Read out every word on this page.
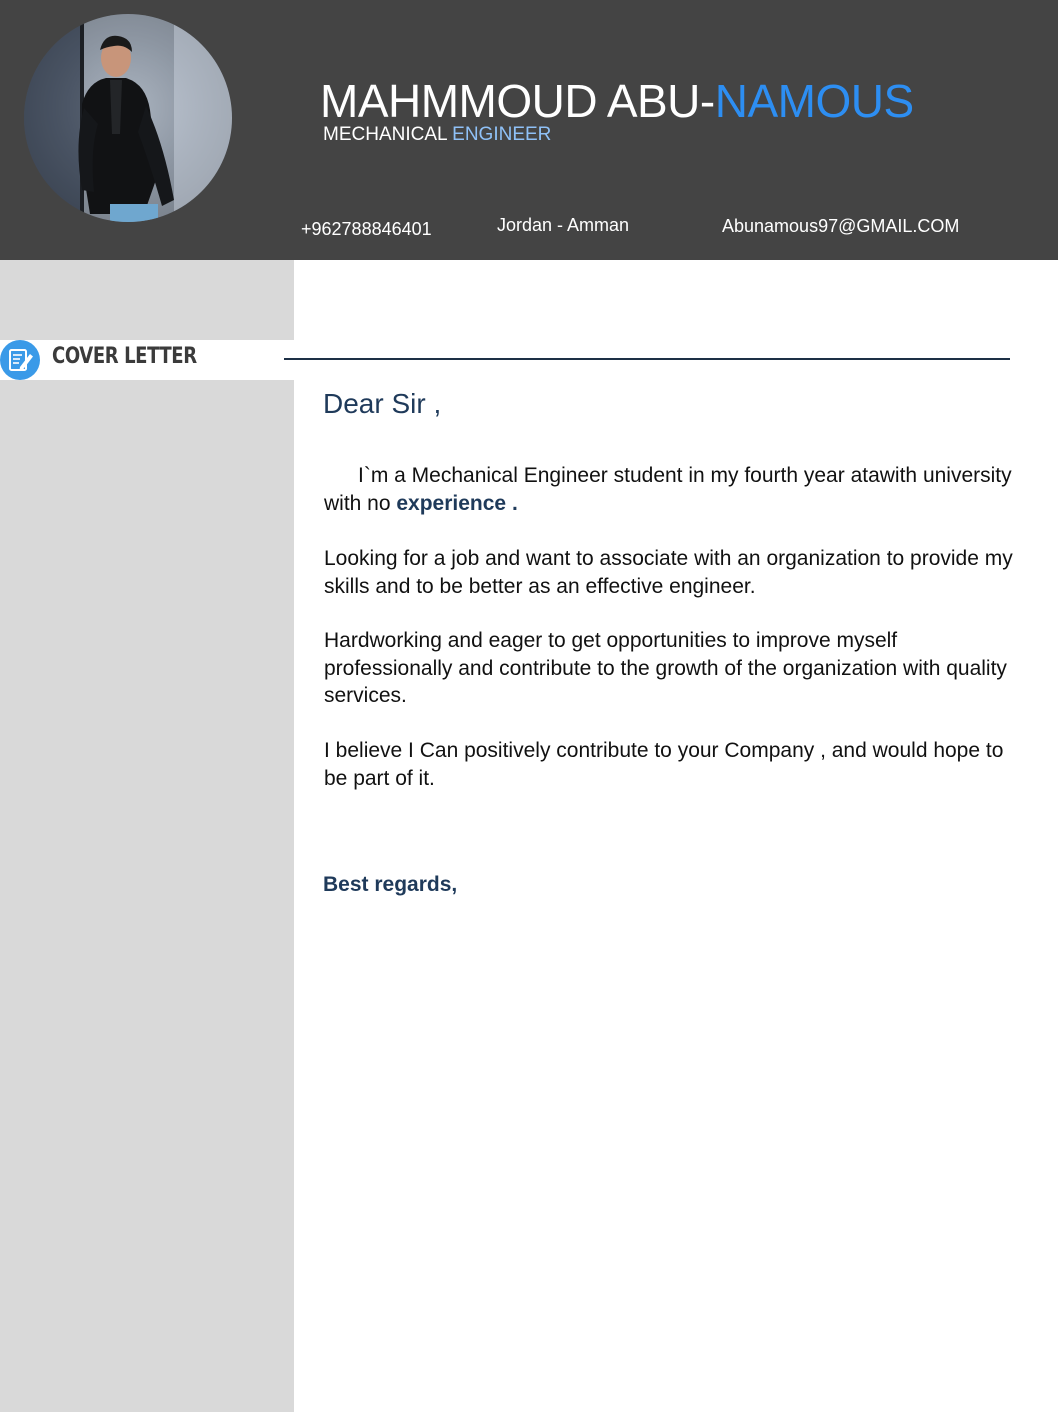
MAHMMOUD ABU-NAMOUS
MECHANICAL ENGINEER
+962788846401	Jordan - Amman	Abunamous97@GMAIL.COM
COVER LETTER
Dear Sir ,
I`m a Mechanical Engineer student in my fourth year atawith university with no experience .
Looking for a job and want to associate with an organization to provide my skills and to be better as an effective engineer.
Hardworking and eager to get opportunities to improve myself professionally and contribute to the growth of the organization with quality services.
I believe I Can positively contribute to your Company , and would hope to be part of it.
Best regards,
